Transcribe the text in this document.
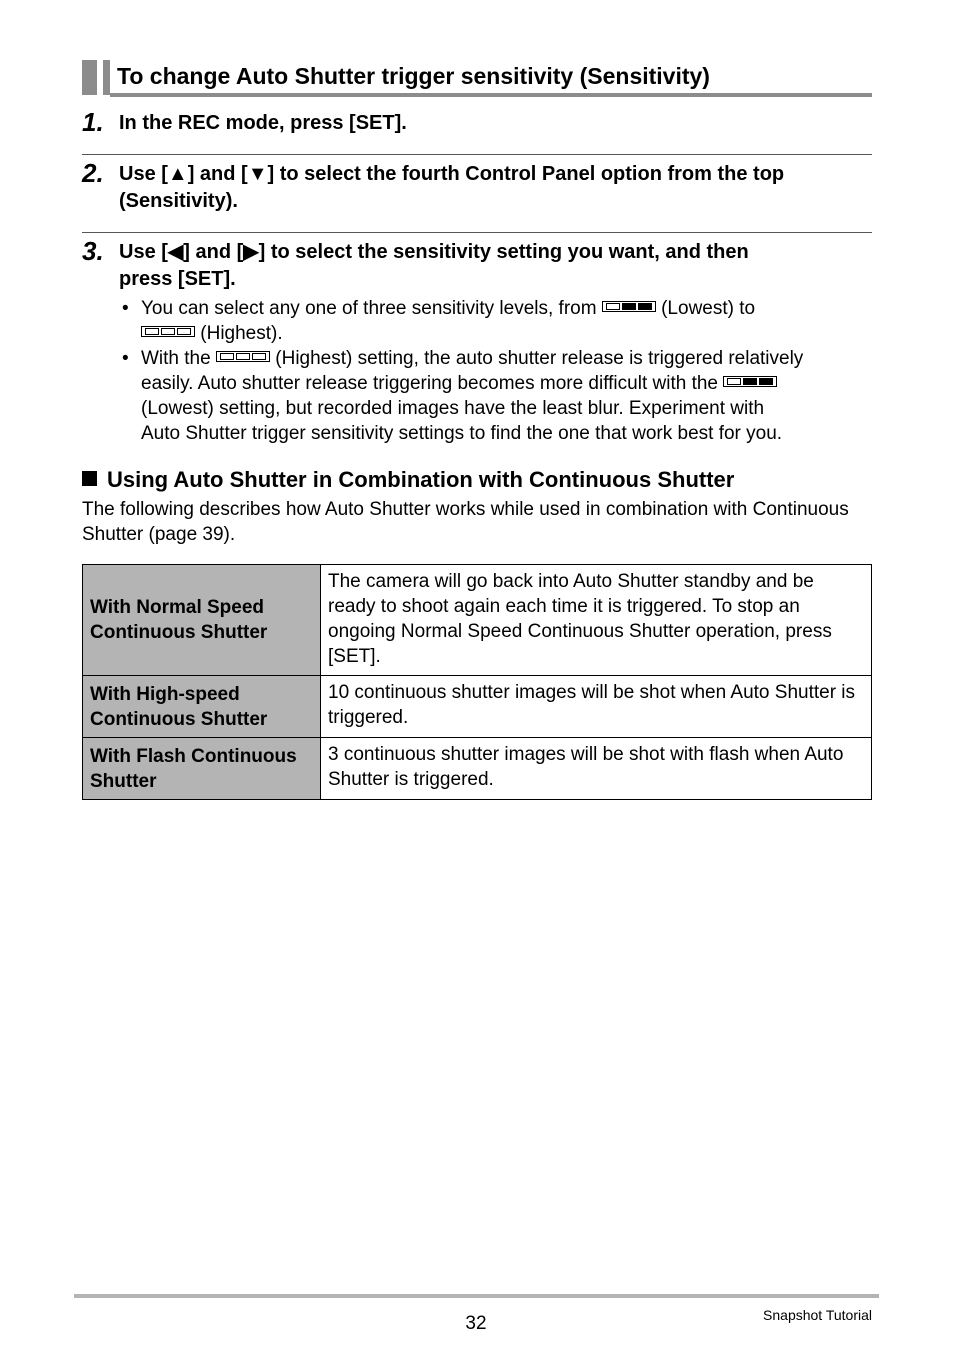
To change Auto Shutter trigger sensitivity (Sensitivity)
1. In the REC mode, press [SET].
2. Use [▲] and [▼] to select the fourth Control Panel option from the top
(Sensitivity).
3. Use [◀] and [▶] to select the sensitivity setting you want, and then
press [SET].
• You can select any one of three sensitivity levels, from	(Lowest) to
(Highest).
• With the	(Highest) setting, the auto shutter release is triggered relatively
easily. Auto shutter release triggering becomes more difficult with the
(Lowest) setting, but recorded images have the least blur. Experiment with
Auto Shutter trigger sensitivity settings to find the one that work best for you.
Using Auto Shutter in Combination with Continuous Shutter
The following describes how Auto Shutter works while used in combination with Continuous Shutter (page 39).
With Normal Speed Continuous Shutter	The camera will go back into Auto Shutter standby and be ready to shoot again each time it is triggered. To stop an ongoing Normal Speed Continuous Shutter operation, press [SET].
With High-speed Continuous Shutter	10 continuous shutter images will be shot when Auto Shutter is triggered.
With Flash Continuous Shutter	3 continuous shutter images will be shot with flash when Auto Shutter is triggered.
32	Snapshot Tutorial
